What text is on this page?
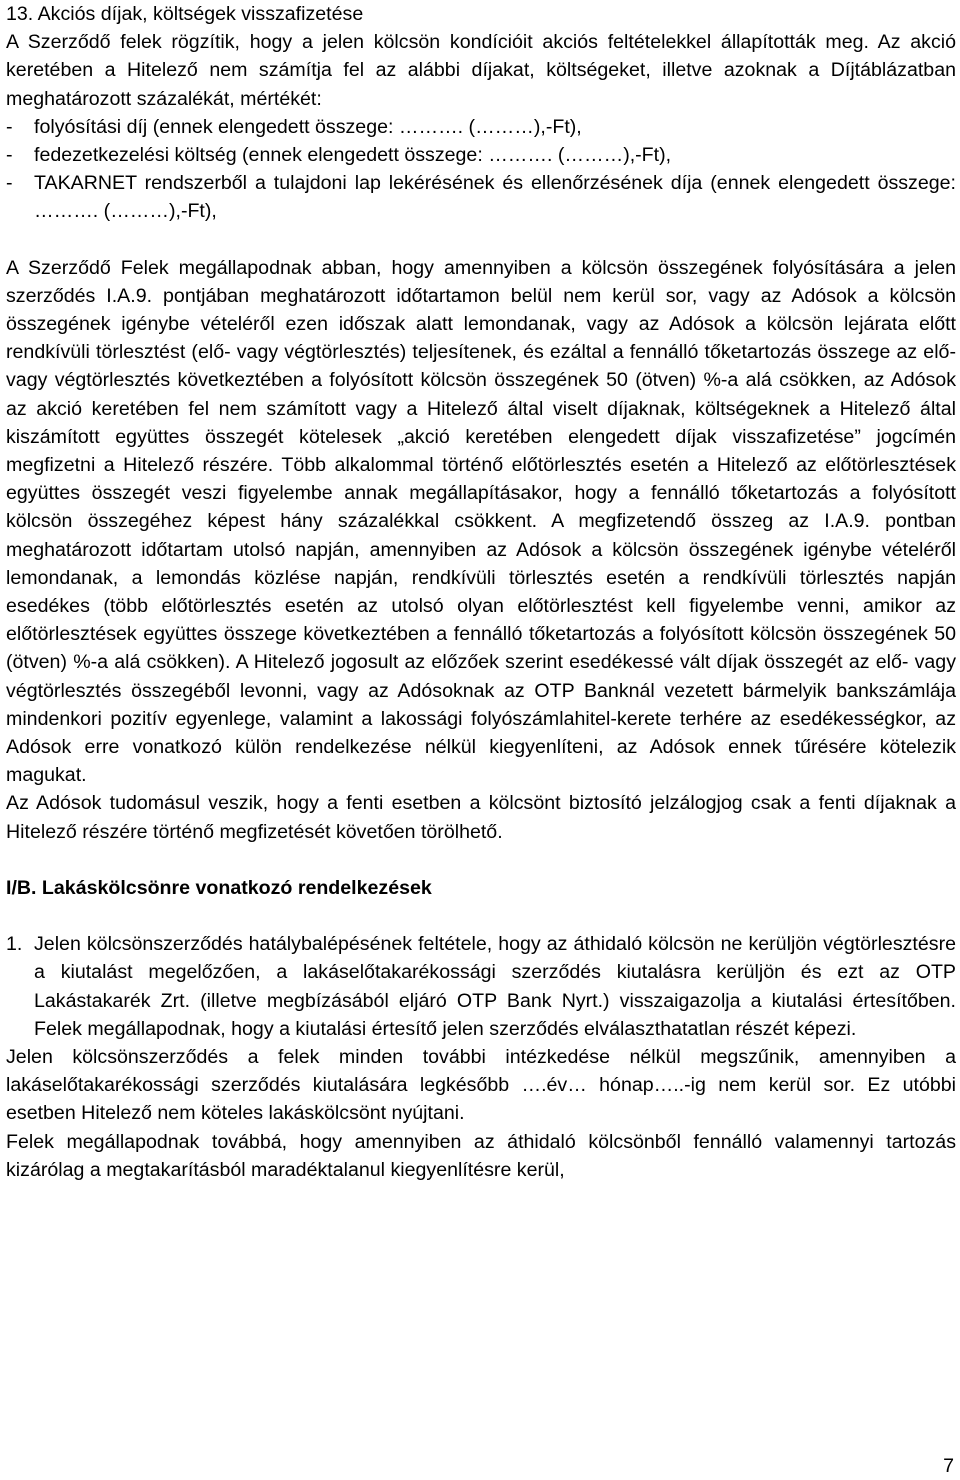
13. Akciós díjak, költségek visszafizetése

A Szerződő felek rögzítik, hogy a jelen kölcsön kondícióit akciós feltételekkel állapították meg. Az akció keretében a Hitelező nem számítja fel az alábbi díjakat, költségeket, illetve azoknak a Díjtáblázatban meghatározott százalékát, mértékét:

- folyósítási díj (ennek elengedett összege: ………. (………),-Ft),
- fedezetkezelési költség (ennek elengedett összege: ………. (………),-Ft),
- TAKARNET rendszerből a tulajdoni lap lekérésének és ellenőrzésének díja (ennek elengedett összege: ………. (………),-Ft),

A Szerződő Felek megállapodnak abban, hogy amennyiben a kölcsön összegének folyósítására a jelen szerződés I.A.9. pontjában meghatározott időtartamon belül nem kerül sor, vagy az Adósok a kölcsön összegének igénybe vételéről ezen időszak alatt lemondanak, vagy az Adósok a kölcsön lejárata előtt rendkívüli törlesztést (elő- vagy végtörlesztés) teljesítenek, és ezáltal a fennálló tőketartozás összege az elő- vagy végtörlesztés következtében a folyósított kölcsön összegének 50 (ötven) %-a alá csökken, az Adósok az akció keretében fel nem számított vagy a Hitelező által viselt díjaknak, költségeknek a Hitelező által kiszámított együttes összegét kötelesek „akció keretében elengedett díjak visszafizetése” jogcímén megfizetni a Hitelező részére. Több alkalommal történő előtörlesztés esetén a Hitelező az előtörlesztések együttes összegét veszi figyelembe annak megállapításakor, hogy a fennálló tőketartozás a folyósított kölcsön összegéhez képest hány százalékkal csökkent. A megfizetendő összeg az I.A.9. pontban meghatározott időtartam utolsó napján, amennyiben az Adósok a kölcsön összegének igénybe vételéről lemondanak, a lemondás közlése napján, rendkívüli törlesztés esetén a rendkívüli törlesztés napján esedékes (több előtörlesztés esetén az utolsó olyan előtörlesztést kell figyelembe venni, amikor az előtörlesztések együttes összege következtében a fennálló tőketartozás a folyósított kölcsön összegének 50 (ötven) %-a alá csökken). A Hitelező jogosult az előzőek szerint esedékessé vált díjak összegét az elő- vagy végtörlesztés összegéből levonni, vagy az Adósoknak az OTP Banknál vezetett bármelyik bankszámlája mindenkori pozitív egyenlege, valamint a lakossági folyószámlahitel-kerete terhére az esedékességkor, az Adósok erre vonatkozó külön rendelkezése nélkül kiegyenlíteni, az Adósok ennek tűrésére kötelezik magukat.

Az Adósok tudomásul veszik, hogy a fenti esetben a kölcsönt biztosító jelzálogjog csak a fenti díjaknak a Hitelező részére történő megfizetését követően törölhető.

I/B. Lakáskölcsönre vonatkozó rendelkezések

1. Jelen kölcsönszerződés hatálybalépésének feltétele, hogy az áthidaló kölcsön ne kerüljön végtörlesztésre a kiutalást megelőzően, a lakáselőtakarékossági szerződés kiutalásra kerüljön és ezt az OTP Lakástakarék Zrt. (illetve megbízásából eljáró OTP Bank Nyrt.) visszaigazolja a kiutalási értesítőben. Felek megállapodnak, hogy a kiutalási értesítő jelen szerződés elválaszthatatlan részét képezi.

Jelen kölcsönszerződés a felek minden további intézkedése nélkül megszűnik, amennyiben a lakáselőtakarékossági szerződés kiutalására legkésőbb ….év… hónap…..-ig nem kerül sor. Ez utóbbi esetben Hitelező nem köteles lakáskölcsönt nyújtani.

Felek megállapodnak továbbá, hogy amennyiben az áthidaló kölcsönből fennálló valamennyi tartozás kizárólag a megtakarításból maradéktalanul kiegyenlítésre kerül,

7
